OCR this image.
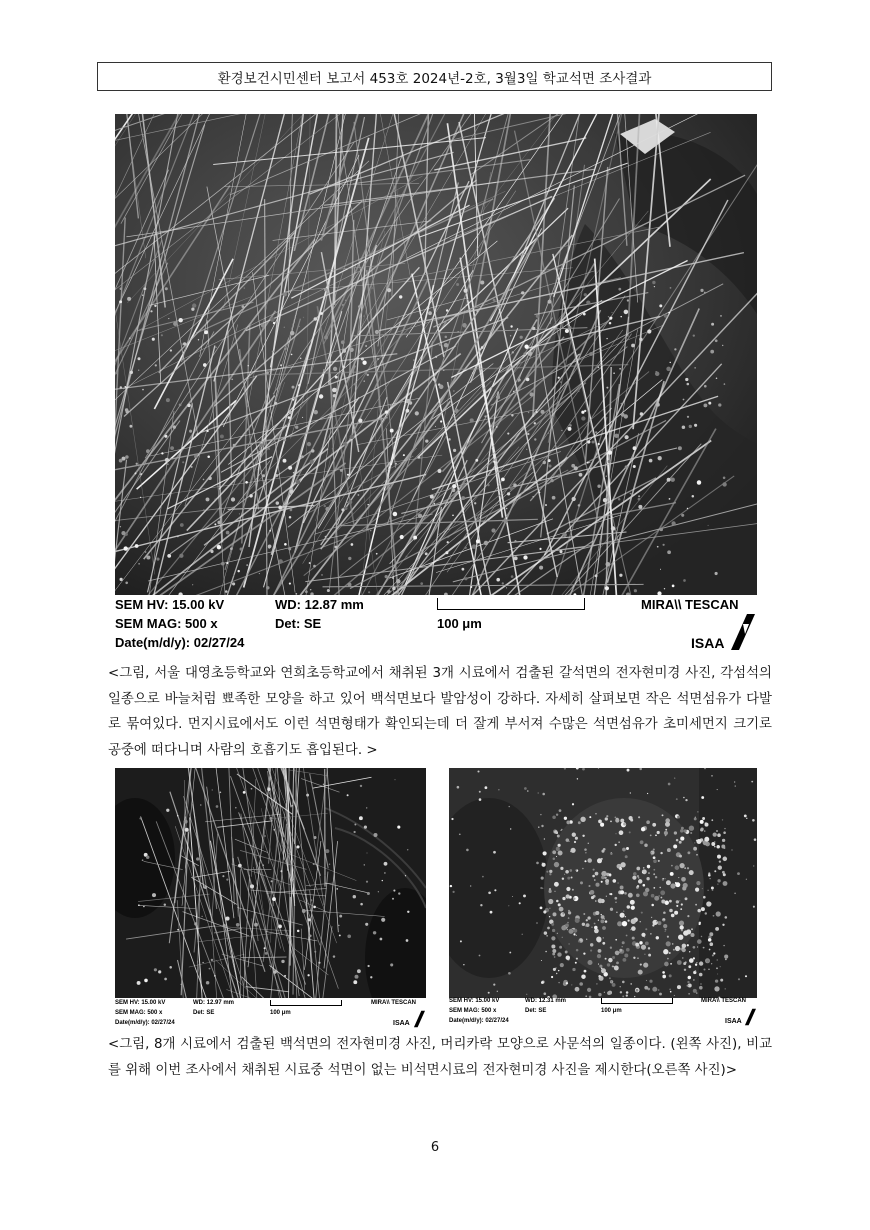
환경보건시민센터 보고서 453호 2024년-2호, 3월3일 학교석면 조사결과
SEM HV: 15.00 kV	WD: 12.87 mm	MIRA\\ TESCAN
SEM MAG: 500 x	Det: SE	100 μm
Date(m/d/y): 02/27/24	ISAA
<그림, 서울 대영초등학교와 연희초등학교에서 채취된 3개 시료에서 검출된 갈석면의 전자현미경 사진, 각섬석의 일종으로 바늘처럼 뾰족한 모양을 하고 있어 백석면보다 발암성이 강하다. 자세히 살펴보면 작은 석면섬유가 다발로 묶여있다. 먼지시료에서도 이런 석면형태가 확인되는데 더 잘게 부서져 수많은 석면섬유가 초미세먼지 크기로 공중에 떠다니며 사람의 호흡기도 흡입된다. >
SEM HV: 15.00 kV	WD: 12.97 mm	MIRA\\ TESCAN
SEM MAG: 500 x	Det: SE	100 μm
Date(m/d/y): 02/27/24	ISAA
SEM HV: 15.00 kV	WD: 12.31 mm	MIRA\\ TESCAN
SEM MAG: 500 x	Det: SE	100 μm
Date(m/d/y): 02/27/24	ISAA
<그림, 8개 시료에서 검출된 백석면의 전자현미경 사진, 머리카락 모양으로 사문석의 일종이다. (왼쪽 사진), 비교를 위해 이번 조사에서 채취된 시료중 석면이 없는 비석면시료의 전자현미경 사진을 제시한다(오른쪽 사진)>
6
